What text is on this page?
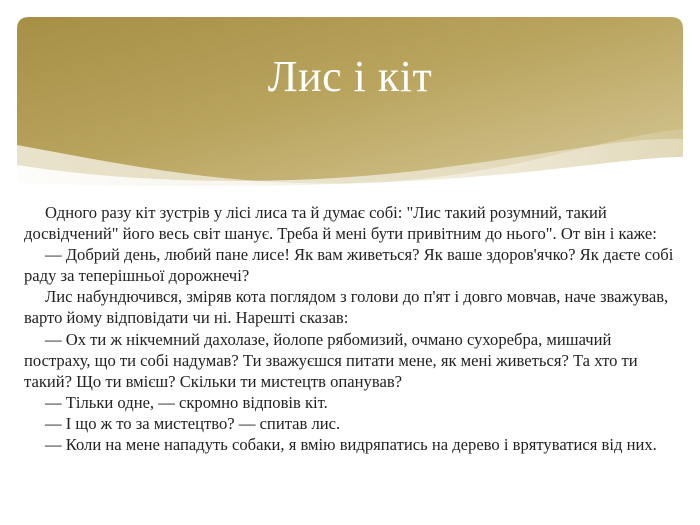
Лис і кіт

Одного разу кіт зустрів у лісі лиса та й думає собі: "Лис такий розумний, такий досвідчений" його весь світ шанує. Треба й мені бути привітним до нього". От він і каже:

— Добрий день, любий пане лисе! Як вам живеться? Як ваше здоров'ячко? Як даєте собі раду за теперішньої дорожнечі?

Лис набундючився, зміряв кота поглядом з голови до п'ят і довго мовчав, наче зважував, варто йому відповідати чи ні. Нарешті сказав:

— Ох ти ж нікчемний дахолазе, йолопе рябомизий, очмано сухоребра, мишачий постраху, що ти собі надумав? Ти зважуєшся питати мене, як мені живеться? Та хто ти такий? Що ти вмієш? Скільки ти мистецтв опанував?

— Тільки одне, — скромно відповів кіт.

— І що ж то за мистецтво? — спитав лис.

— Коли на мене нападуть собаки, я вмію видряпатись на дерево і врятуватися від них.
